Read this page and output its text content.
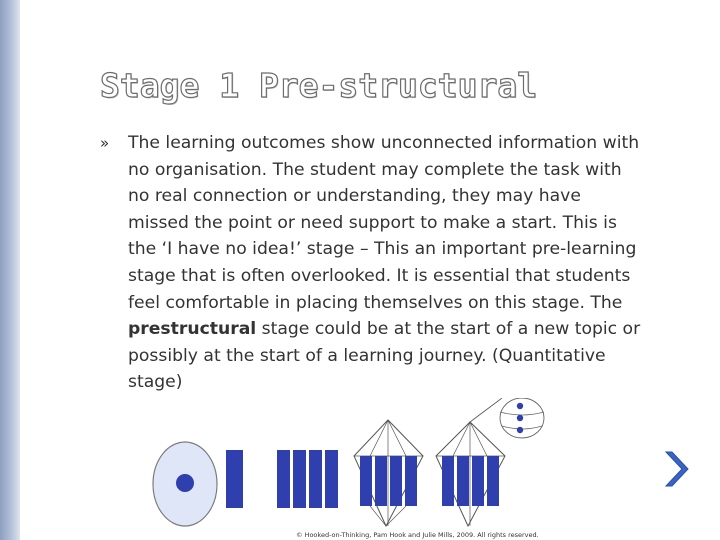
Stage 1 Pre-structural
» The learning outcomes show unconnected information with no organisation. The student may complete the task with no real connection or understanding, they may have missed the point or need support to make a start. This is the ‘I have no idea!’ stage – This an important pre-learning stage that is often overlooked. It is essential that students feel comfortable in placing themselves on this stage. The prestructural stage could be at the start of a new topic or possibly at the start of a learning journey. (Quantitative stage)
© Hooked-on-Thinking, Pam Hook and Julie Mills, 2009. All rights reserved.
